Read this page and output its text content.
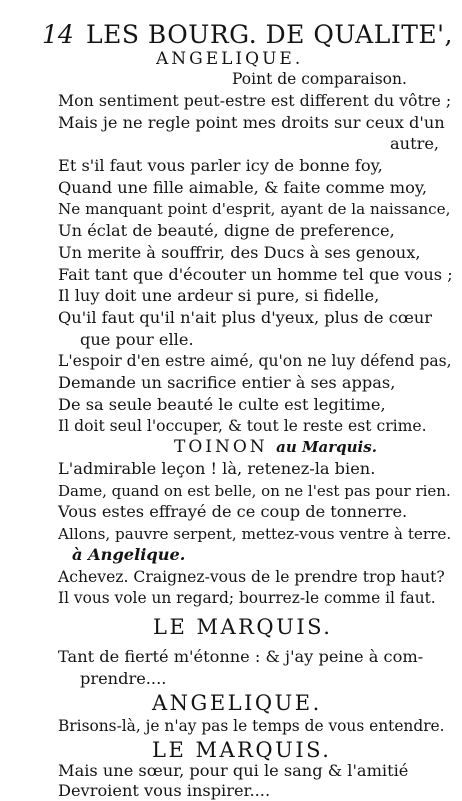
14 LES BOURG. DE QUALITE',
ANGELIQUE.
Point de comparaison.
Mon sentiment peut-estre est different du vôtre ;
Mais je ne regle point mes droits sur ceux d'un
autre,
Et s'il faut vous parler icy de bonne foy,
Quand une fille aimable, & faite comme moy,
Ne manquant point d'esprit, ayant de la naissance,
Un éclat de beauté, digne de preference,
Un merite à souffrir, des Ducs à ses genoux,
Fait tant que d'écouter un homme tel que vous ;
Il luy doit une ardeur si pure, si fidelle,
Qu'il faut qu'il n'ait plus d'yeux, plus de cœur
que pour elle.
L'espoir d'en estre aimé, qu'on ne luy défend pas,
Demande un sacrifice entier à ses appas,
De sa seule beauté le culte est legitime,
Il doit seul l'occuper, & tout le reste est crime.
TOINON au Marquis.
L'admirable leçon ! là, retenez-la bien.
Dame, quand on est belle, on ne l'est pas pour rien.
Vous estes effrayé de ce coup de tonnerre.
Allons, pauvre serpent, mettez-vous ventre à terre.
à Angelique.
Achevez. Craignez-vous de le prendre trop haut?
Il vous vole un regard; bourrez-le comme il faut.
LE MARQUIS.
Tant de fierté m'étonne : & j'ay peine à com-
prendre....
ANGELIQUE.
Brisons-là, je n'ay pas le temps de vous entendre.
LE MARQUIS.
Mais une sœur, pour qui le sang & l'amitié
Devroient vous inspirer....
